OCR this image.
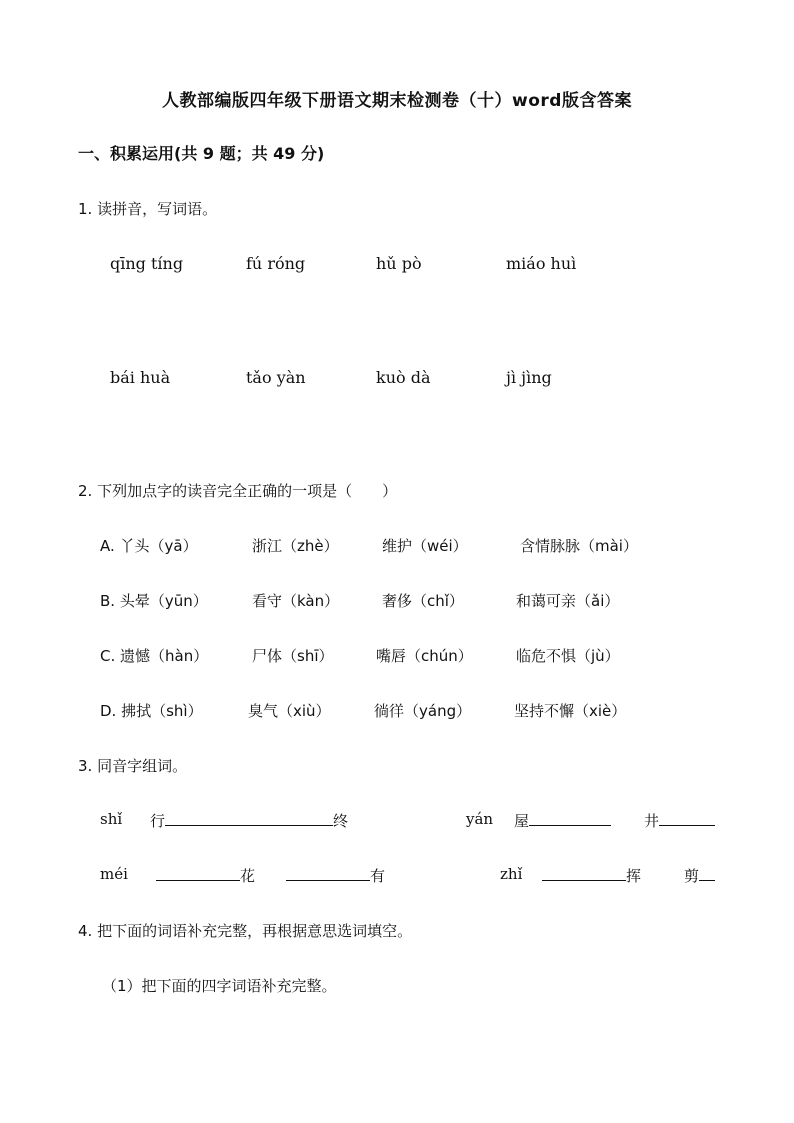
人教部编版四年级下册语文期末检测卷（十）word版含答案
一、积累运用(共 9 题；共 49 分)
1. 读拼音，写词语。
qīng tíng	fú róng	hǔ pò	miáo huì
bái huà	tǎo yàn	kuò dà	jì jìng
2. 下列加点字的读音完全正确的一项是（　　）
A. 丫头（yā）	浙江（zhè）	维护（wéi）	含情脉脉（mài）
B. 头晕（yūn）	看守（kàn）	奢侈（chǐ）	和蔼可亲（ǎi）
C. 遗憾（hàn）	尸体（shī）	嘴唇（chún）	临危不惧（jù）
D. 拂拭（shì）	臭气（xiù）	徜徉（yáng）	坚持不懈（xiè）
3. 同音字组词。
shǐ 行	终	yán 屋	井
méi	花	有	zhǐ	挥	剪
4. 把下面的词语补充完整，再根据意思选词填空。
（1）把下面的四字词语补充完整。
